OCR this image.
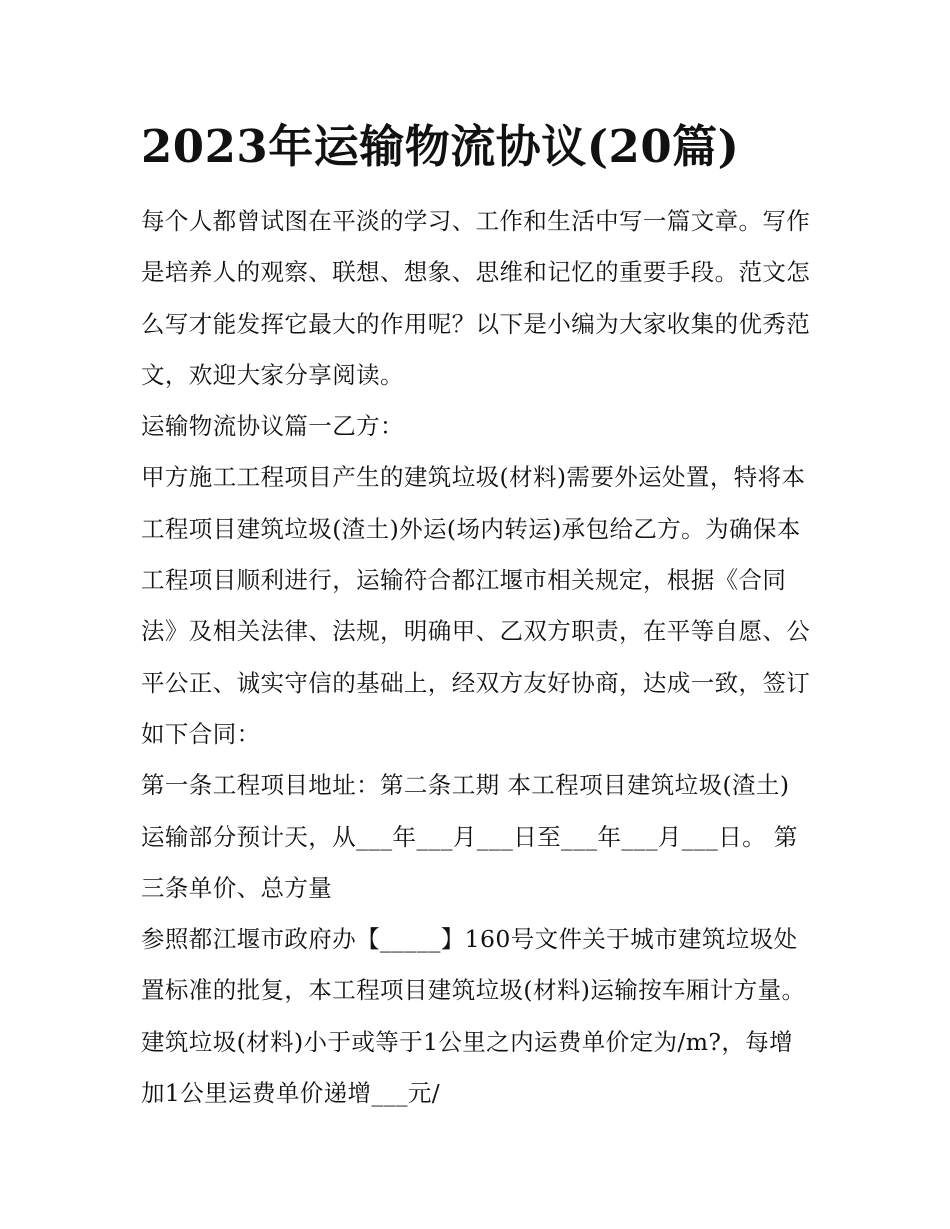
2023年运输物流协议(20篇)

每个人都曾试图在平淡的学习、工作和生活中写一篇文章。写作是培养人的观察、联想、想象、思维和记忆的重要手段。范文怎么写才能发挥它最大的作用呢？以下是小编为大家收集的优秀范文，欢迎大家分享阅读。

运输物流协议篇一乙方：

甲方施工工程项目产生的建筑垃圾(材料)需要外运处置，特将本工程项目建筑垃圾(渣土)外运(场内转运)承包给乙方。为确保本工程项目顺利进行，运输符合都江堰市相关规定，根据《合同法》及相关法律、法规，明确甲、乙双方职责，在平等自愿、公平公正、诚实守信的基础上，经双方友好协商，达成一致，签订如下合同：

第一条工程项目地址：第二条工期 本工程项目建筑垃圾(渣土)运输部分预计天，从___年___月___日至___年___月___日。 第三条单价、总方量

参照都江堰市政府办【_____】160号文件关于城市建筑垃圾处置标准的批复，本工程项目建筑垃圾(材料)运输按车厢计方量。建筑垃圾(材料)小于或等于1公里之内运费单价定为/m?，每增加1公里运费单价递增___元/
